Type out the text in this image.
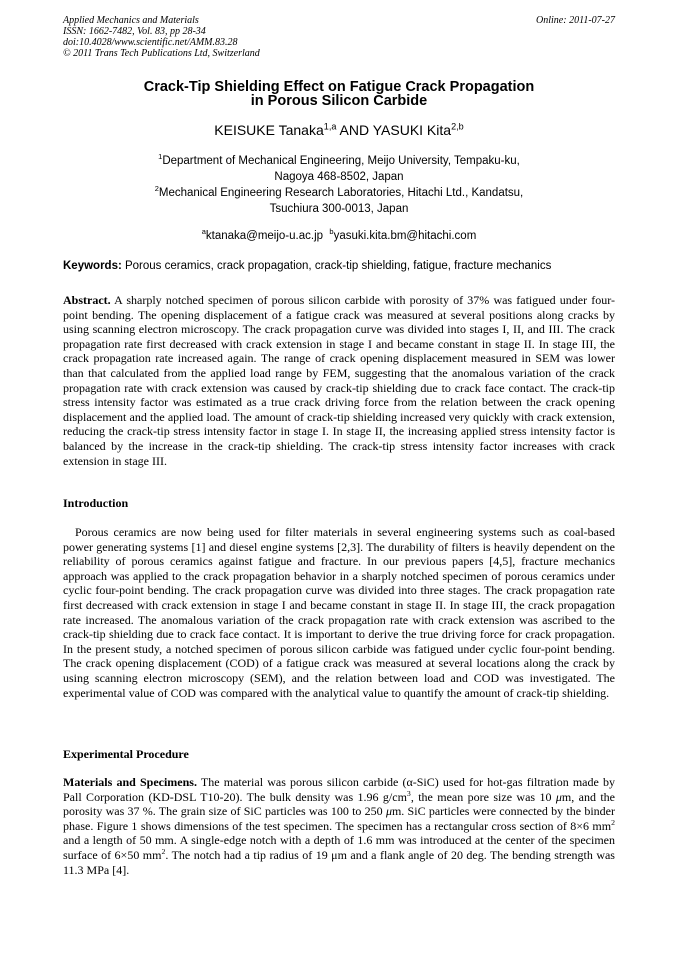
Applied Mechanics and Materials
ISSN: 1662-7482, Vol. 83, pp 28-34
doi:10.4028/www.scientific.net/AMM.83.28
© 2011 Trans Tech Publications Ltd, Switzerland
Online: 2011-07-27
Crack-Tip Shielding Effect on Fatigue Crack Propagation
in Porous Silicon Carbide
KEISUKE Tanaka$^{1,a}$ AND YASUKI Kita$^{2,b}$
$^1$Department of Mechanical Engineering, Meijo University, Tempaku-ku,
Nagoya 468-8502, Japan
$^2$Mechanical Engineering Research Laboratories, Hitachi Ltd., Kandatsu,
Tsuchiura 300-0013, Japan
$^a$ktanaka@meijo-u.ac.jp $^b$yasuki.kita.bm@hitachi.com
Keywords: Porous ceramics, crack propagation, crack-tip shielding, fatigue, fracture mechanics

Abstract. A sharply notched specimen of porous silicon carbide with porosity of 37% was fatigued under four-point bending. The opening displacement of a fatigue crack was measured at several positions along cracks by using scanning electron microscopy. The crack propagation curve was divided into stages I, II, and III. The crack propagation rate first decreased with crack extension in stage I and became constant in stage II. In stage III, the crack propagation rate increased again. The range of crack opening displacement measured in SEM was lower than that calculated from the applied load range by FEM, suggesting that the anomalous variation of the crack propagation rate with crack extension was caused by crack-tip shielding due to crack face contact. The crack-tip stress intensity factor was estimated as a true crack driving force from the relation between the crack opening displacement and the applied load. The amount of crack-tip shielding increased very quickly with crack extension, reducing the crack-tip stress intensity factor in stage I. In stage II, the increasing applied stress intensity factor is balanced by the increase in the crack-tip shielding. The crack-tip stress intensity factor increases with crack extension in stage III.

Introduction

Porous ceramics are now being used for filter materials in several engineering systems such as coal-based power generating systems [1] and diesel engine systems [2,3]. The durability of filters is heavily dependent on the reliability of porous ceramics against fatigue and fracture. In our previous papers [4,5], fracture mechanics approach was applied to the crack propagation behavior in a sharply notched specimen of porous ceramics under cyclic four-point bending. The crack propagation curve was divided into three stages. The crack propagation rate first decreased with crack extension in stage I and became constant in stage II. In stage III, the crack propagation rate increased. The anomalous variation of the crack propagation rate with crack extension was ascribed to the crack-tip shielding due to crack face contact. It is important to derive the true driving force for crack propagation. In the present study, a notched specimen of porous silicon carbide was fatigued under cyclic four-point bending. The crack opening displacement (COD) of a fatigue crack was measured at several locations along the crack by using scanning electron microscopy (SEM), and the relation between load and COD was investigated. The experimental value of COD was compared with the analytical value to quantify the amount of crack-tip shielding.

Experimental Procedure

Materials and Specimens. The material was porous silicon carbide (α-SiC) used for hot-gas filtration made by Pall Corporation (KD-DSL T10-20). The bulk density was 1.96 $g/cm^3$, the mean pore size was 10 μm, and the porosity was 37 %. The grain size of SiC particles was 100 to 250 μm. SiC particles were connected by the binder phase. Figure 1 shows dimensions of the test specimen. The specimen has a rectangular cross section of 8×6 $mm^2$ and a length of 50 mm. A single-edge notch with a depth of 1.6 mm was introduced at the center of the specimen surface of 6×50 $mm^2$. The notch had a tip radius of 19 μm and a flank angle of 20 deg. The bending strength was 11.3 MPa [4].
